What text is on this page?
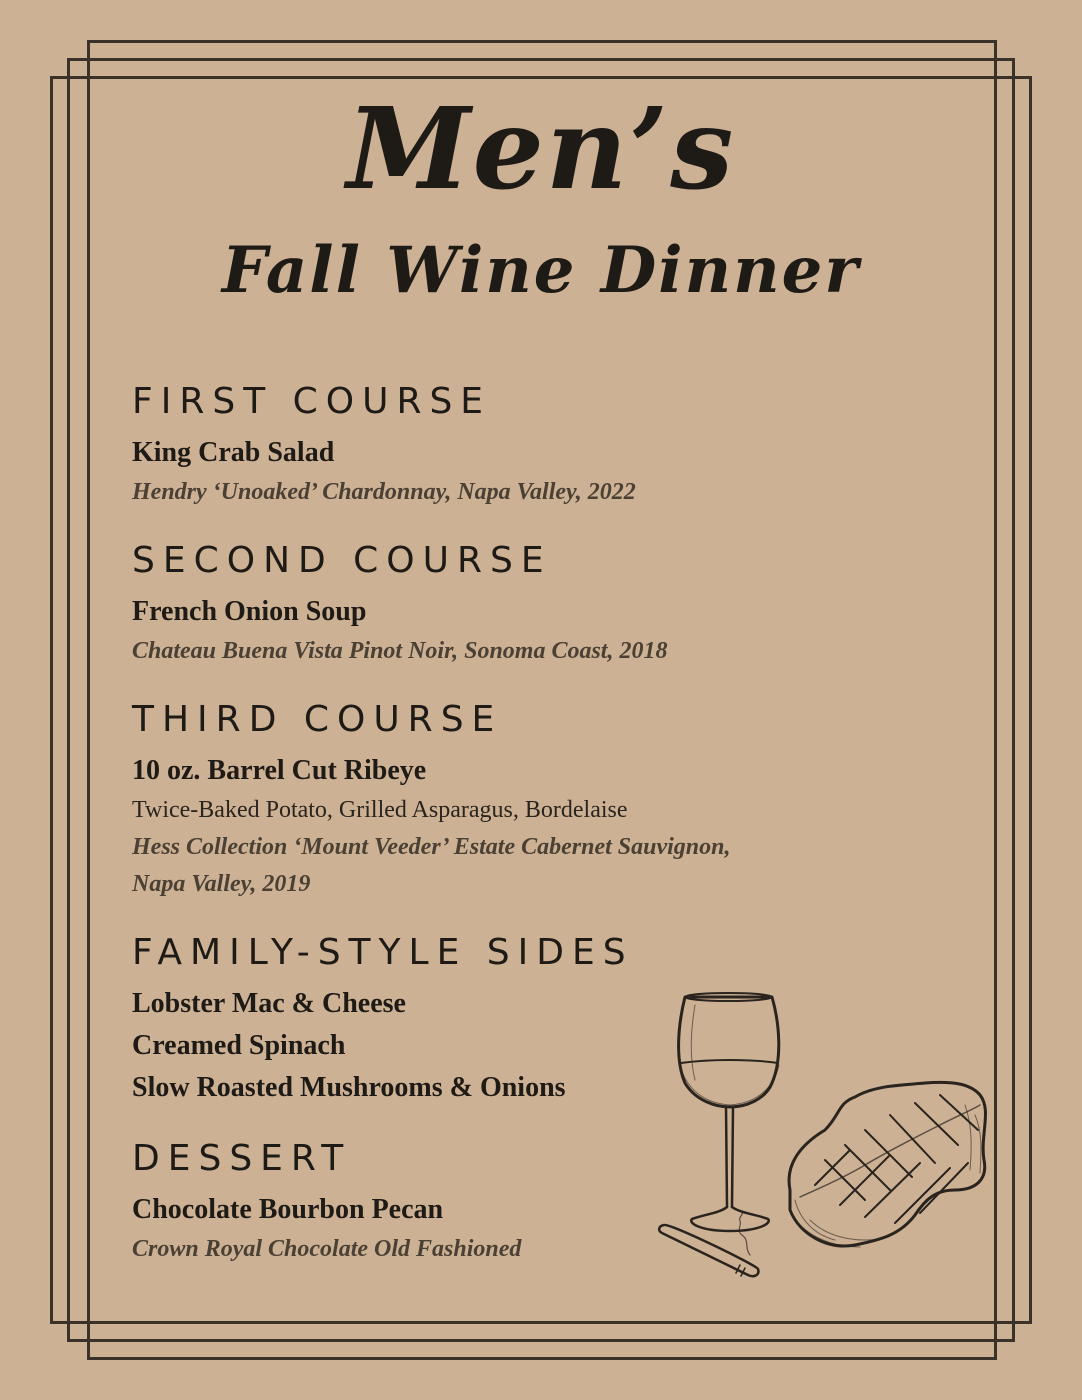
Men’s
Fall Wine Dinner
FIRST COURSE
King Crab Salad
Hendry ‘Unoaked’ Chardonnay, Napa Valley, 2022
SECOND COURSE
French Onion Soup
Chateau Buena Vista Pinot Noir, Sonoma Coast, 2018
THIRD COURSE
10 oz. Barrel Cut Ribeye
Twice-Baked Potato, Grilled Asparagus, Bordelaise
Hess Collection ‘Mount Veeder’ Estate Cabernet Sauvignon,
Napa Valley, 2019
FAMILY-STYLE SIDES
Lobster Mac & Cheese
Creamed Spinach
Slow Roasted Mushrooms & Onions
DESSERT
Chocolate Bourbon Pecan
Crown Royal Chocolate Old Fashioned
